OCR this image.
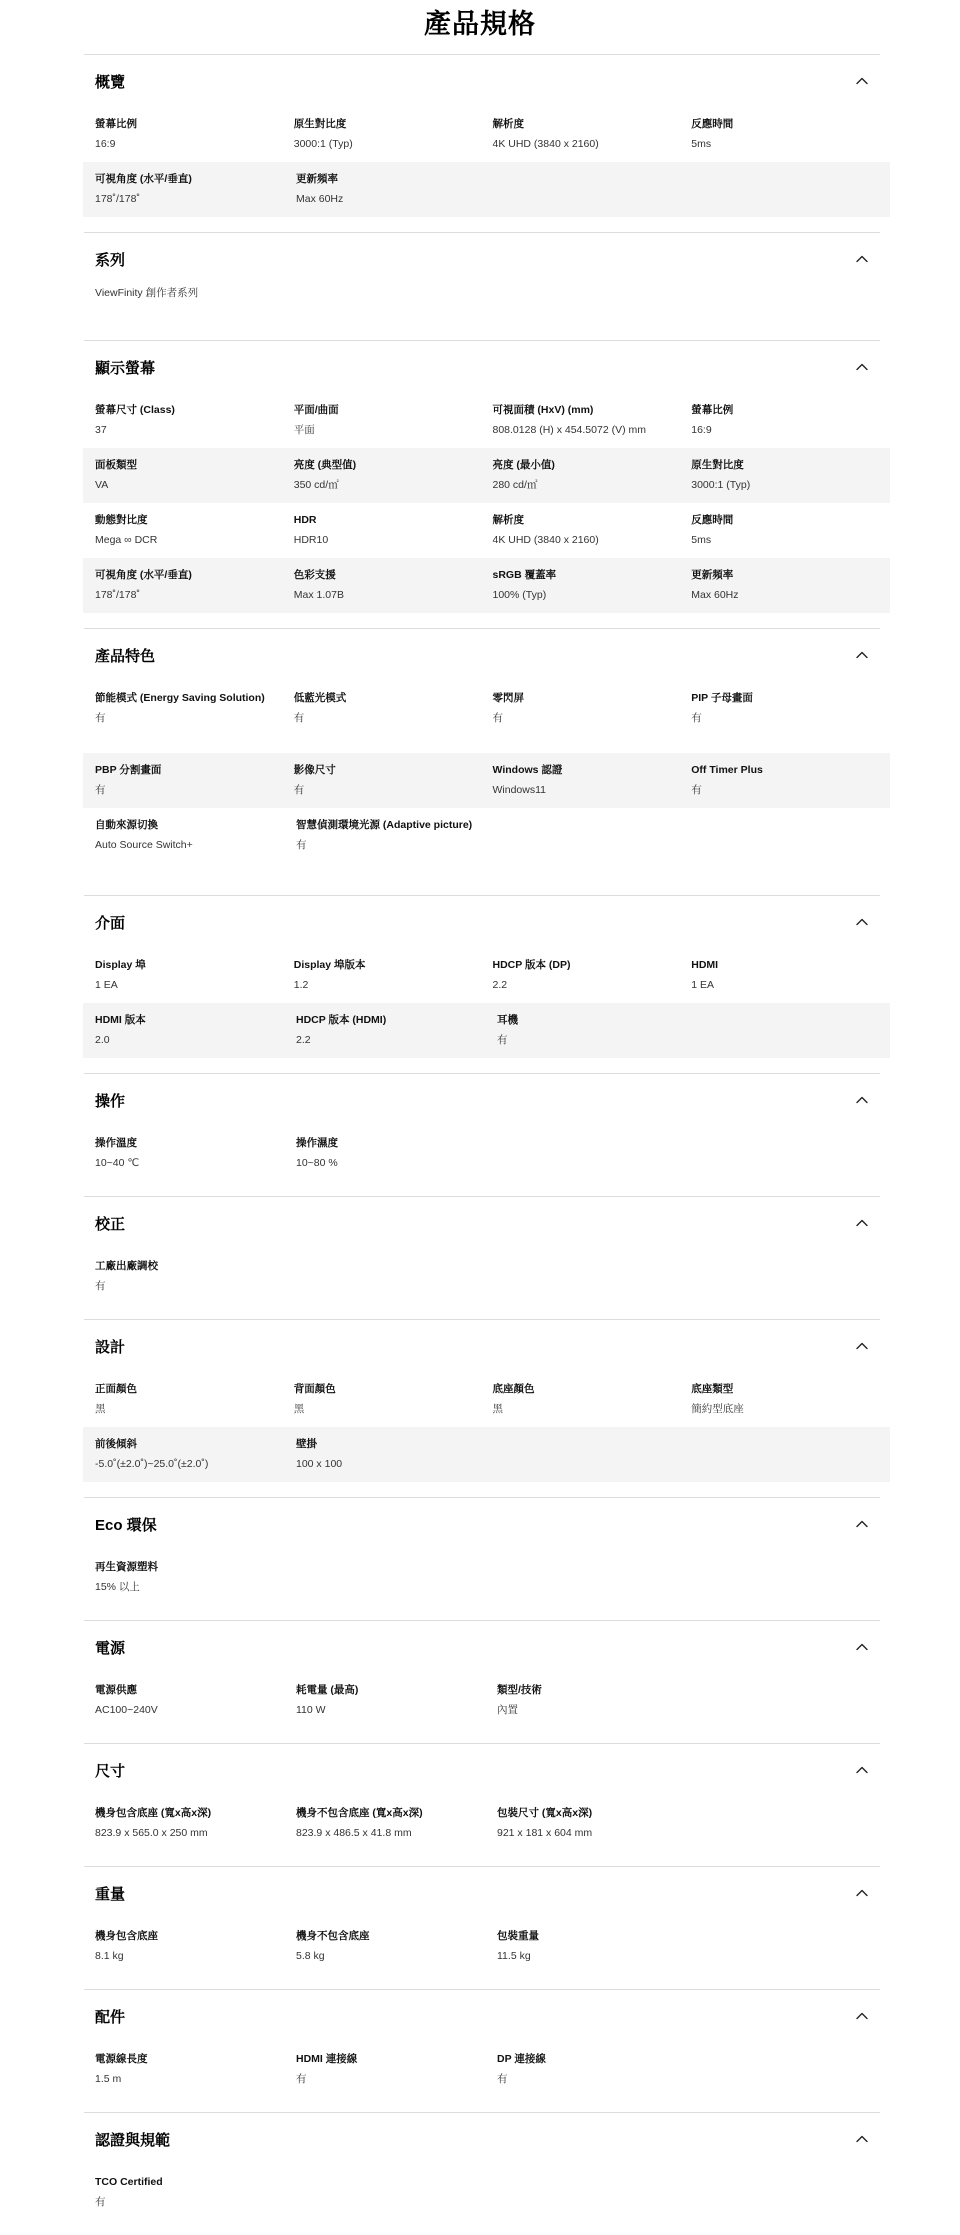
產品規格
概覽
螢幕比例
16:9
原生對比度
3000:1 (Typ)
解析度
4K UHD (3840 x 2160)
反應時間
5ms
可視角度 (水平/垂直)
178˚/178˚
更新頻率
Max 60Hz
系列
ViewFinity 創作者系列
顯示螢幕
螢幕尺寸 (Class)
37
平面/曲面
平面
可視面積 (HxV) (mm)
808.0128 (H) x 454.5072 (V) mm
螢幕比例
16:9
面板類型
VA
亮度 (典型值)
350 cd/㎡
亮度 (最小值)
280 cd/㎡
原生對比度
3000:1 (Typ)
動態對比度
Mega ∞ DCR
HDR
HDR10
解析度
4K UHD (3840 x 2160)
反應時間
5ms
可視角度 (水平/垂直)
178˚/178˚
色彩支援
Max 1.07B
sRGB 覆蓋率
100% (Typ)
更新頻率
Max 60Hz
產品特色
節能模式 (Energy Saving Solution)
有
低藍光模式
有
零閃屏
有
PIP 子母畫面
有
PBP 分割畫面
有
影像尺寸
有
Windows 認證
Windows11
Off Timer Plus
有
自動來源切換
Auto Source Switch+
智慧偵測環境光源 (Adaptive picture)
有
介面
Display 埠
1 EA
Display 埠版本
1.2
HDCP 版本 (DP)
2.2
HDMI
1 EA
HDMI 版本
2.0
HDCP 版本 (HDMI)
2.2
耳機
有
操作
操作溫度
10~40 ℃
操作濕度
10~80 %
校正
工廠出廠調校
有
設計
正面顏色
黑
背面顏色
黑
底座顏色
黑
底座類型
簡約型底座
前後傾斜
-5.0˚(±2.0˚)~25.0˚(±2.0˚)
壁掛
100 x 100
Eco 環保
再生資源塑料
15% 以上
電源
電源供應
AC100~240V
耗電量 (最高)
110 W
類型/技術
內置
尺寸
機身包含底座 (寬x高x深)
823.9 x 565.0 x 250 mm
機身不包含底座 (寬x高x深)
823.9 x 486.5 x 41.8 mm
包裝尺寸 (寬x高x深)
921 x 181 x 604 mm
重量
機身包含底座
8.1 kg
機身不包含底座
5.8 kg
包裝重量
11.5 kg
配件
電源線長度
1.5 m
HDMI 連接線
有
DP 連接線
有
認證與規範
TCO Certified
有
